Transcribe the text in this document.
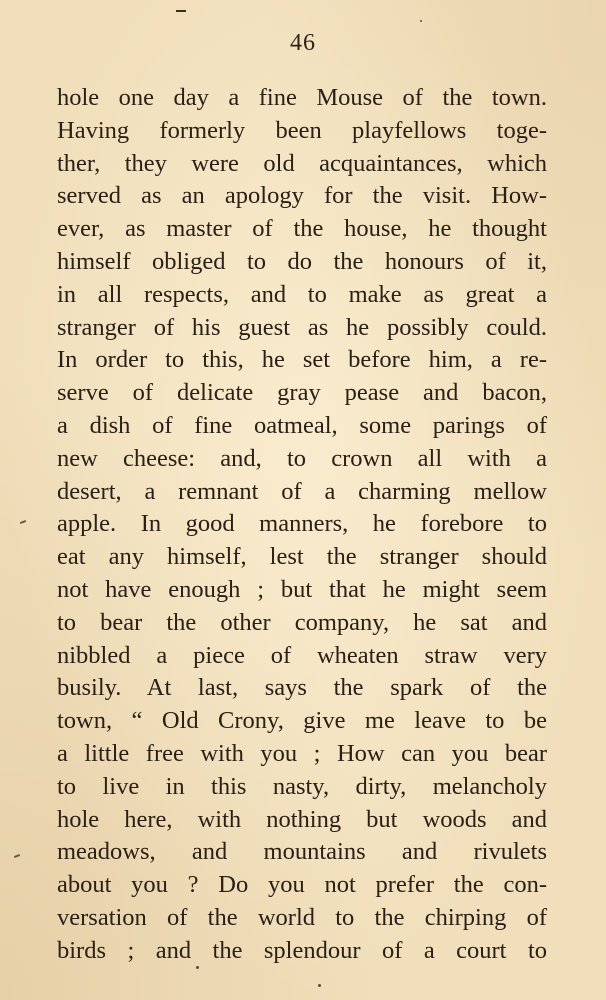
46
hole one day a fine Mouse of the town.
Having formerly been playfellows toge-
ther, they were old acquaintances, which
served as an apology for the visit. How-
ever, as master of the house, he thought
himself obliged to do the honours of it,
in all respects, and to make as great a
stranger of his guest as he possibly could.
In order to this, he set before him, a re-
serve of delicate gray pease and bacon,
a dish of fine oatmeal, some parings of
new cheese: and, to crown all with a
desert, a remnant of a charming mellow
apple. In good manners, he forebore to
eat any himself, lest the stranger should
not have enough ; but that he might seem
to bear the other company, he sat and
nibbled a piece of wheaten straw very
busily. At last, says the spark of the
town, “ Old Crony, give me leave to be
a little free with you ; How can you bear
to live in this nasty, dirty, melancholy
hole here, with nothing but woods and
meadows, and mountains and rivulets
about you ? Do you not prefer the con-
versation of the world to the chirping of
birds ; and the splendour of a court to
